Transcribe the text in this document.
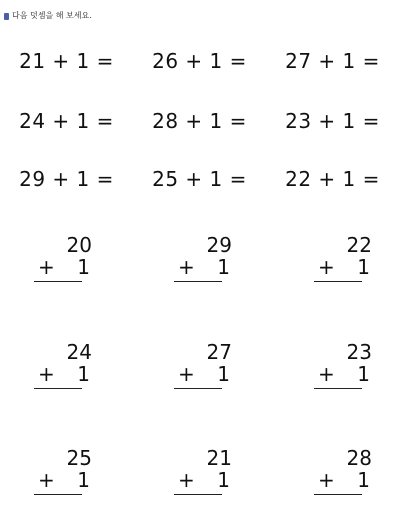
다음 덧셈을 해 보세요.
21 + 1 =	26 + 1 =	27 + 1 =
24 + 1 =	28 + 1 =	23 + 1 =
29 + 1 =	25 + 1 =	22 + 1 =
20
+ 1
29
+ 1
22
+ 1
24
+ 1
27
+ 1
23
+ 1
25
+ 1
21
+ 1
28
+ 1
